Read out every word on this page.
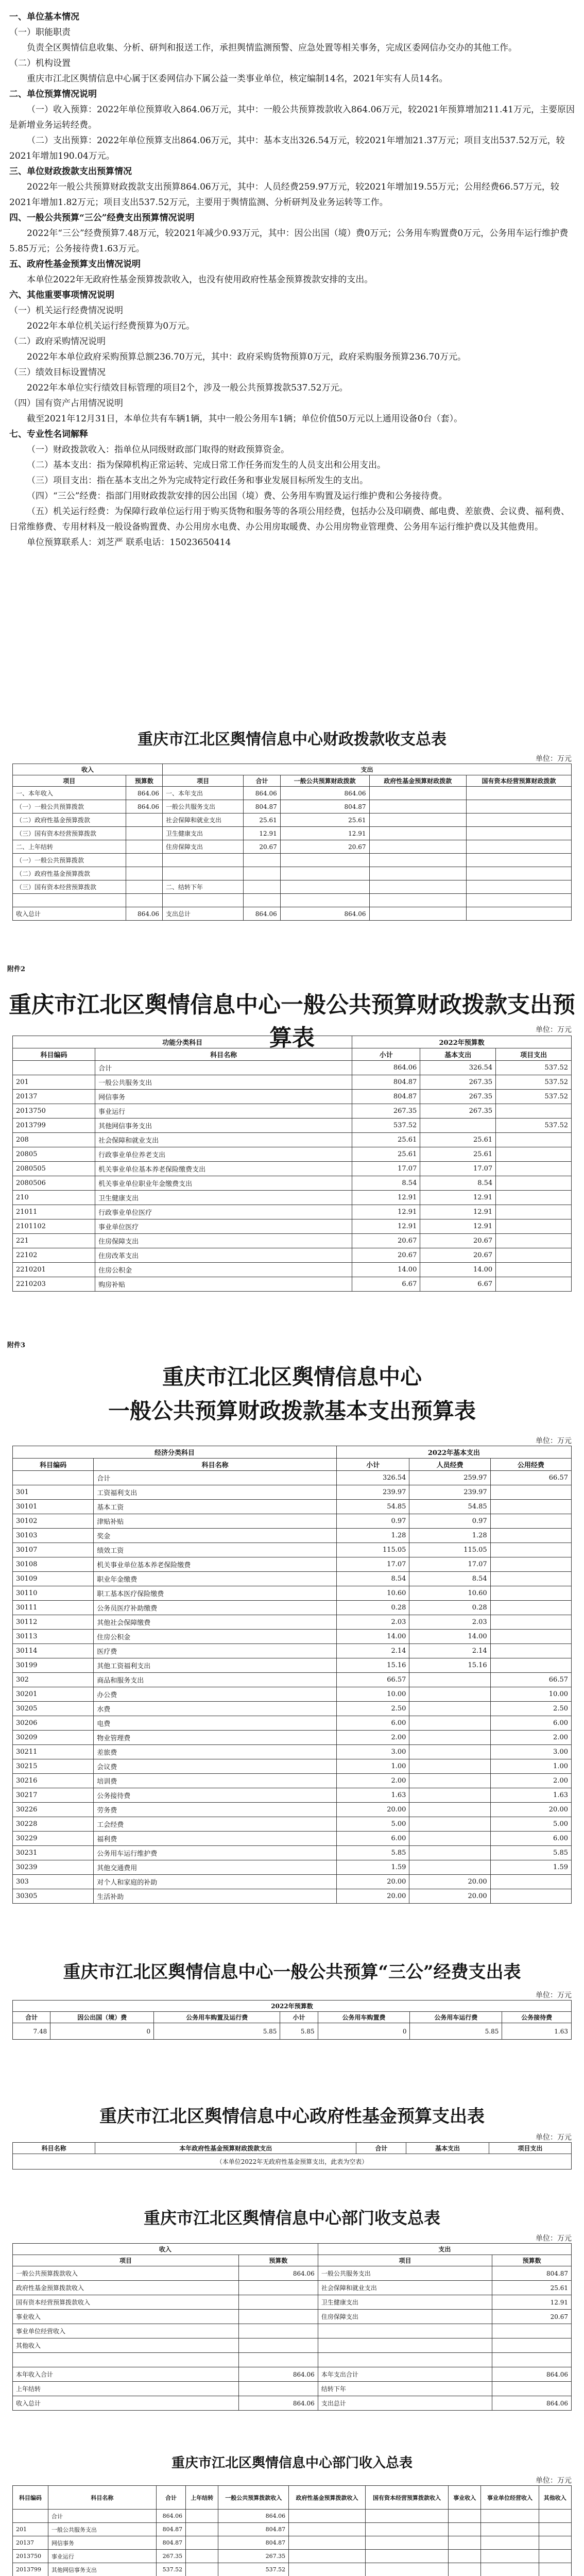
一、单位基本情况
（一）职能职责
负责全区舆情信息收集、分析、研判和报送工作，承担舆情监测预警、应急处置等相关事务，完成区委网信办交办的其他工作。
（二）机构设置
重庆市江北区舆情信息中心属于区委网信办下属公益一类事业单位，核定编制14名，2021年实有人员14名。
二、单位预算情况说明
（一）收入预算：2022年单位预算收入864.06万元，其中：一般公共预算拨款收入864.06万元，较2021年预算增加211.41万元，主要原因是新增业务运转经费。
（二）支出预算：2022年单位预算支出864.06万元，其中：基本支出326.54万元，较2021年增加21.37万元；项目支出537.52万元，较2021年增加190.04万元。
三、单位财政拨款支出预算情况
2022年一般公共预算财政拨款支出预算864.06万元，其中：人员经费259.97万元，较2021年增加19.55万元；公用经费66.57万元，较2021年增加1.82万元；项目支出537.52万元，主要用于舆情监测、分析研判及业务运转等工作。
四、一般公共预算“三公”经费支出预算情况说明
2022年“三公”经费预算7.48万元，较2021年减少0.93万元，其中：因公出国（境）费0万元；公务用车购置费0万元，公务用车运行维护费5.85万元；公务接待费1.63万元。
五、政府性基金预算支出情况说明
本单位2022年无政府性基金预算拨款收入，也没有使用政府性基金预算拨款安排的支出。
六、其他重要事项情况说明
（一）机关运行经费情况说明
2022年本单位机关运行经费预算为0万元。
（二）政府采购情况说明
2022年本单位政府采购预算总额236.70万元，其中：政府采购货物预算0万元，政府采购服务预算236.70万元。
（三）绩效目标设置情况
2022年本单位实行绩效目标管理的项目2个，涉及一般公共预算拨款537.52万元。
（四）国有资产占用情况说明
截至2021年12月31日，本单位共有车辆1辆，其中一般公务用车1辆；单位价值50万元以上通用设备0台（套）。
七、专业性名词解释
（一）财政拨款收入：指单位从同级财政部门取得的财政预算资金。
（二）基本支出：指为保障机构正常运转、完成日常工作任务而发生的人员支出和公用支出。
（三）项目支出：指在基本支出之外为完成特定行政任务和事业发展目标所发生的支出。
（四）“三公”经费：指部门用财政拨款安排的因公出国（境）费、公务用车购置及运行维护费和公务接待费。
（五）机关运行经费：为保障行政单位运行用于购买货物和服务等的各项公用经费，包括办公及印刷费、邮电费、差旅费、会议费、福利费、日常维修费、专用材料及一般设备购置费、办公用房水电费、办公用房取暖费、办公用房物业管理费、公务用车运行维护费以及其他费用。
单位预算联系人：刘芝严 联系电话：15023650414
重庆市江北区舆情信息中心财政拨款收支总表
单位：万元
收入		支出				
项目	预算数	项目	合计	一般公共预算财政拨款	政府性基金预算财政拨款	国有资本经营预算财政拨款
一、本年收入	864.06	一、本年支出	864.06	864.06		
（一）一般公共预算拨款	864.06	一般公共服务支出	804.87	804.87		
（二）政府性基金预算拨款		社会保障和就业支出	25.61	25.61		
（三）国有资本经营预算拨款		卫生健康支出	12.91	12.91		
二、上年结转		住房保障支出	20.67	20.67		
（一）一般公共预算拨款						
（二）政府性基金预算拨款						
（三）国有资本经营预算拨款		二、结转下年				

收入总计	864.06	支出总计	864.06	864.06		
附件2
重庆市江北区舆情信息中心一般公共预算财政拨款支出预算表	单位：万元
功能分类科目		2022年预算数		
科目编码	科目名称	小计	基本支出	项目支出
	合计	864.06	326.54	537.52
201	一般公共服务支出	804.87	267.35	537.52
20137	网信事务	804.87	267.35	537.52
2013750	事业运行	267.35	267.35	
2013799	其他网信事务支出	537.52		537.52
208	社会保障和就业支出	25.61	25.61	
20805	行政事业单位养老支出	25.61	25.61	
2080505	机关事业单位基本养老保险缴费支出	17.07	17.07	
2080506	机关事业单位职业年金缴费支出	8.54	8.54	
210	卫生健康支出	12.91	12.91	
21011	行政事业单位医疗	12.91	12.91	
2101102	事业单位医疗	12.91	12.91	
221	住房保障支出	20.67	20.67	
22102	住房改革支出	20.67	20.67	
2210201	住房公积金	14.00	14.00	
2210203	购房补贴	6.67	6.67	
附件3
重庆市江北区舆情信息中心
一般公共预算财政拨款基本支出预算表
单位：万元
经济分类科目		2022年基本支出		
科目编码	科目名称	小计	人员经费	公用经费
	合计	326.54	259.97	66.57
301	工资福利支出	239.97	239.97	
30101	基本工资	54.85	54.85	
30102	津贴补贴	0.97	0.97	
30103	奖金	1.28	1.28	
30107	绩效工资	115.05	115.05	
30108	机关事业单位基本养老保险缴费	17.07	17.07	
30109	职业年金缴费	8.54	8.54	
30110	职工基本医疗保险缴费	10.60	10.60	
30111	公务员医疗补助缴费	0.28	0.28	
30112	其他社会保障缴费	2.03	2.03	
30113	住房公积金	14.00	14.00	
30114	医疗费	2.14	2.14	
30199	其他工资福利支出	15.16	15.16	
302	商品和服务支出	66.57		66.57
30201	办公费	10.00		10.00
30205	水费	2.50		2.50
30206	电费	6.00		6.00
30209	物业管理费	2.00		2.00
30211	差旅费	3.00		3.00
30215	会议费	1.00		1.00
30216	培训费	2.00		2.00
30217	公务接待费	1.63		1.63
30226	劳务费	20.00		20.00
30228	工会经费	5.00		5.00
30229	福利费	6.00		6.00
30231	公务用车运行维护费	5.85		5.85
30239	其他交通费用	1.59		1.59
303	对个人和家庭的补助	20.00	20.00	
30305	生活补助	20.00	20.00	
重庆市江北区舆情信息中心一般公共预算“三公”经费支出表
单位：万元
2022年预算数						
合计	因公出国（境）费	公务用车购置及运行费	小计	公务用车购置费	公务用车运行费	公务接待费
7.48	0	5.85	5.85	0	5.85	1.63
重庆市江北区舆情信息中心政府性基金预算支出表
单位：万元
科目名称	本年政府性基金预算财政拨款支出	合计	基本支出	项目支出
（本单位2022年无政府性基金预算支出，此表为空表）
重庆市江北区舆情信息中心部门收支总表
单位：万元
收入		支出	
项目	预算数	项目	预算数
一般公共预算拨款收入	864.06	一般公共服务支出	804.87
政府性基金预算拨款收入		社会保障和就业支出	25.61
国有资本经营预算拨款收入		卫生健康支出	12.91
事业收入		住房保障支出	20.67
事业单位经营收入			
其他收入			

本年收入合计	864.06	本年支出合计	864.06
上年结转		结转下年	
收入总计	864.06	支出总计	864.06
重庆市江北区舆情信息中心部门收入总表
单位：万元
科目编码	科目名称	合计	上年结转	一般公共预算拨款收入	政府性基金预算拨款收入	国有资本经营预算拨款收入	事业收入	事业单位经营收入	其他收入
	合计	864.06		864.06					
201	一般公共服务支出	804.87		804.87					
20137	网信事务	804.87		804.87					
2013750	事业运行	267.35		267.35					
2013799	其他网信事务支出	537.52		537.52					
